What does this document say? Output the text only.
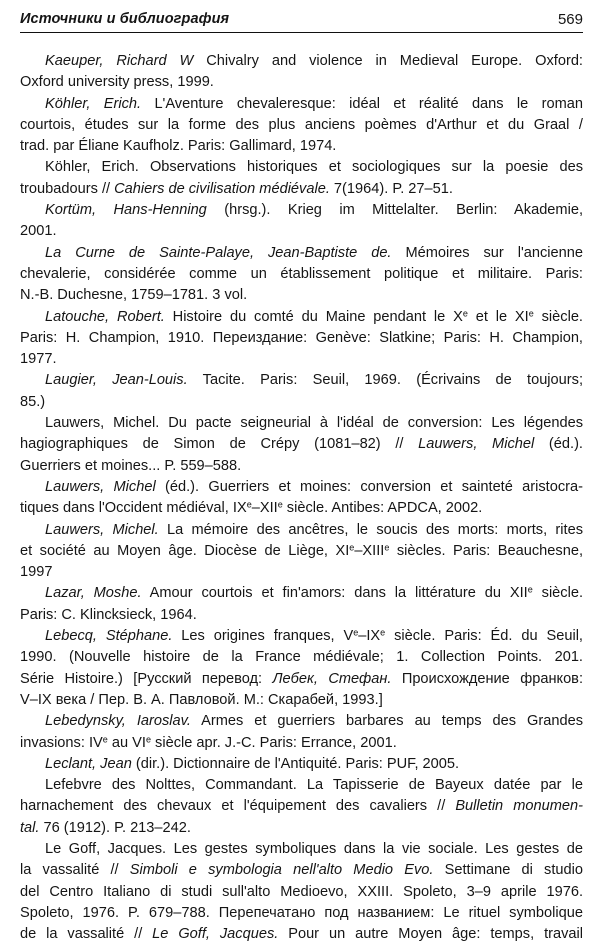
Источники и библиография	569
Kaeuper, Richard W Chivalry and violence in Medieval Europe. Oxford:
Oxford university press, 1999.
Köhler, Erich. L'Aventure chevaleresque: idéal et réalité dans le roman
courtois, études sur la forme des plus anciens poèmes d'Arthur et du Graal /
trad. par Éliane Kaufholz. Paris: Gallimard, 1974.
Köhler, Erich. Observations historiques et sociologiques sur la poesie des
troubadours // Cahiers de civilisation médiévale. 7(1964). P. 27–51.
Kortüm, Hans-Henning (hrsg.). Krieg im Mittelalter. Berlin: Akademie,
2001.
La Curne de Sainte-Palaye, Jean-Baptiste de. Mémoires sur l'ancienne
chevalerie, considérée comme un établissement politique et militaire. Paris:
N.-B. Duchesne, 1759–1781. 3 vol.
Latouche, Robert. Histoire du comté du Maine pendant le Xe et le XIe siècle.
Paris: H. Champion, 1910. Переиздание: Genève: Slatkine; Paris: H. Champion,
1977.
Laugier, Jean-Louis. Tacite. Paris: Seuil, 1969. (Écrivains de toujours;
85.)
Lauwers, Michel. Du pacte seigneurial à l'idéal de conversion: Les légendes
hagiographiques de Simon de Crépy (1081–82) // Lauwers, Michel (éd.).
Guerriers et moines... P. 559–588.
Lauwers, Michel (éd.). Guerriers et moines: conversion et sainteté aristocra-
tiques dans l'Occident médiéval, IXe–XIIe siècle. Antibes: APDCA, 2002.
Lauwers, Michel. La mémoire des ancêtres, le soucis des morts: morts, rites
et société au Moyen âge. Diocèse de Liège, XIe–XIIIe siècles. Paris: Beauchesne,
1997
Lazar, Moshe. Amour courtois et fin'amors: dans la littérature du XIIe siècle.
Paris: C. Klincksieck, 1964.
Lebecq, Stéphane. Les origines franques, Ve–IXe siècle. Paris: Éd. du Seuil,
1990. (Nouvelle histoire de la France médiévale; 1. Collection Points. 201.
Série Histoire.) [Русский перевод: Лебек, Стефан. Происхождение франков:
V–IX века / Пер. В. А. Павловой. М.: Скарабей, 1993.]
Lebedynsky, Iaroslav. Armes et guerriers barbares au temps des Grandes
invasions: IVe au VIe siècle apr. J.-C. Paris: Errance, 2001.
Leclant, Jean (dir.). Dictionnaire de l'Antiquité. Paris: PUF, 2005.
Lefebvre des Nolttes, Commandant. La Tapisserie de Bayeux datée par le
harnachement des chevaux et l'équipement des cavaliers // Bulletin monumen-
tal. 76 (1912). P. 213–242.
Le Goff, Jacques. Les gestes symboliques dans la vie sociale. Les gestes de
la vassalité // Simboli e symbologia nell'alto Medio Evo. Settimane di studio
del Centro Italiano di studi sull'alto Medioevo, XXIII. Spoleto, 3–9 aprile 1976.
Spoleto, 1976. P. 679–788. Перепечатано под названием: Le rituel symbolique
de la vassalité // Le Goff, Jacques. Pour un autre Moyen âge: temps, travail
